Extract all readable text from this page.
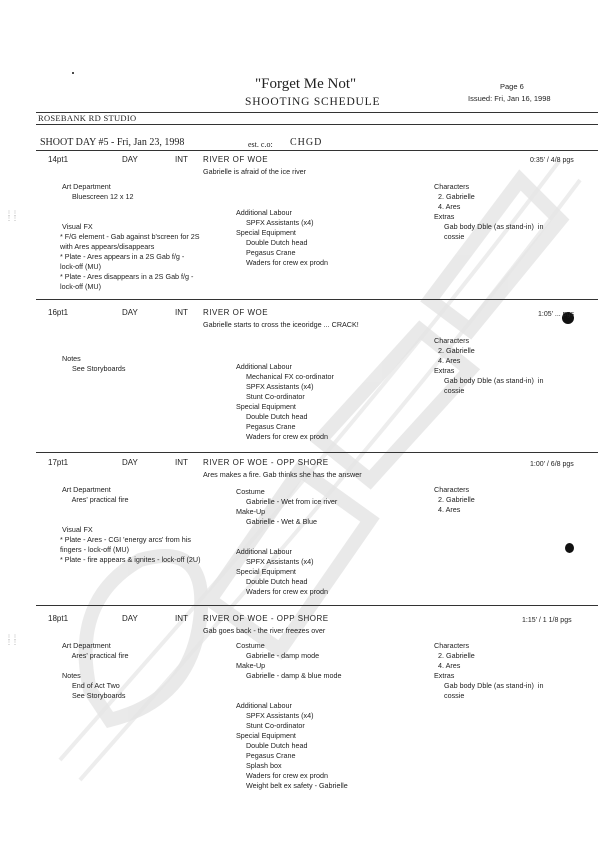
⋮⋮
⋮⋮
⋮⋮
⋮⋮
"Forget Me Not"
SHOOTING SCHEDULE
Page 6
Issued: Fri, Jan 16, 1998
ROSEBANK RD STUDIO
SHOOT DAY #5 - Fri, Jan 23, 1998	est. c.o: CHGD
14pt1	DAY	INT RIVER OF WOE	0:35' / 4/8 pgs
Gabrielle is afraid of the ice river
Art Department
Bluescreen 12 x 12

Visual FX
* F/G element - Gab against b'screen for 2S
with Ares appears/disappears
* Plate - Ares appears in a 2S Gab f/g -
lock-off (MU)
* Plate - Ares disappears in a 2S Gab f/g -
lock-off (MU)
Additional Labour
SPFX Assistants (x4)
Special Equipment
Double Dutch head
Pegasus Crane
Waders for crew ex prodn
Characters
2. Gabrielle
4. Ares
Extras
Gab body Dble (as stand-in)  in
cossie
16pt1	DAY	INT RIVER OF WOE	1:05' ... pgs
Gabrielle starts to cross the iceoridge ... CRACK!

Notes
See Storyboards	Additional Labour
Mechanical FX co-ordinator
SPFX Assistants (x4)
Stunt Co-ordinator
Special Equipment
Double Dutch head
Pegasus Crane
Waders for crew ex prodn
Characters
2. Gabrielle
4. Ares
Extras
Gab body Dble (as stand-in)  in
cossie
17pt1	DAY	INT RIVER OF WOE - OPP SHORE	1:00' / 6/8 pgs
Ares makes a fire. Gab thinks she has the answer
Art Department
Ares' practical fire

Visual FX
* Plate - Ares - CGI 'energy arcs' from his
fingers - lock-off (MU)
* Plate - fire appears & ignites - lock-off (2U)
Costume
Gabrielle - Wet from ice river
Make-Up
Gabrielle - Wet & Blue

Additional Labour
SPFX Assistants (x4)
Special Equipment
Double Dutch head
Waders for crew ex prodn
Characters
2. Gabrielle
4. Ares
18pt1	DAY	INT RIVER OF WOE - OPP SHORE	1:15' / 1 1/8 pgs
Gab goes back - the river freezes over
Art Department
Ares' practical fire

Notes
End of Act Two
See Storyboards
Costume
Gabrielle - damp mode
Make-Up
Gabrielle - damp & blue mode

Additional Labour
SPFX Assistants (x4)
Stunt Co-ordinator
Special Equipment
Double Dutch head
Pegasus Crane
Splash box
Waders for crew ex prodn
Weight belt ex safety - Gabrielle
Characters
2. Gabrielle
4. Ares
Extras
Gab body Dble (as stand-in)  in
cossie
